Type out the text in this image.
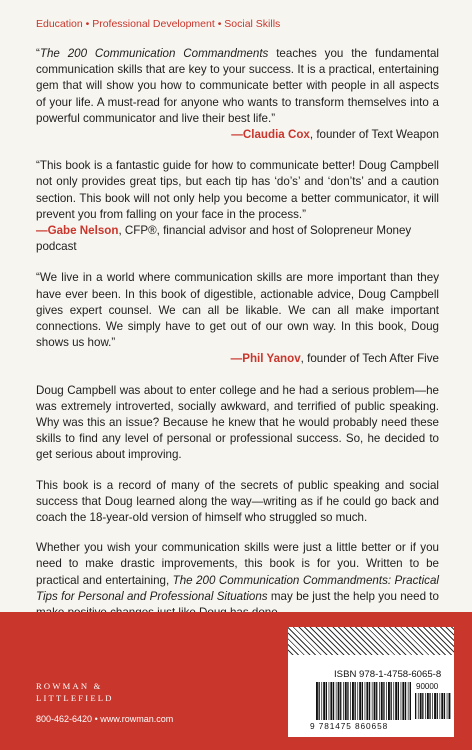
Education • Professional Development • Social Skills
“The 200 Communication Commandments teaches you the fundamental communication skills that are key to your success. It is a practical, entertaining gem that will show you how to communicate better with people in all aspects of your life. A must-read for anyone who wants to transform themselves into a powerful communicator and live their best life.”
—Claudia Cox, founder of Text Weapon
“This book is a fantastic guide for how to communicate better! Doug Campbell not only provides great tips, but each tip has ‘do’s’ and ‘don’ts’ and a caution section. This book will not only help you become a better communicator, it will prevent you from falling on your face in the process.”
—Gabe Nelson, CFP®, financial advisor and host of Solopreneur Money podcast
“We live in a world where communication skills are more important than they have ever been. In this book of digestible, actionable advice, Doug Campbell gives expert counsel. We can all be likable. We can all make important connections. We simply have to get out of our own way. In this book, Doug shows us how.”
—Phil Yanov, founder of Tech After Five
Doug Campbell was about to enter college and he had a serious problem—he was extremely introverted, socially awkward, and terrified of public speaking. Why was this an issue? Because he knew that he would probably need these skills to find any level of personal or professional success. So, he decided to get serious about improving.
This book is a record of many of the secrets of public speaking and social success that Doug learned along the way—writing as if he could go back and coach the 18-year-old version of himself who struggled so much.
Whether you wish your communication skills were just a little better or if you need to make drastic improvements, this book is for you. Written to be practical and entertaining, The 200 Communication Commandments: Practical Tips for Personal and Professional Situations may be just the help you need to
ROWMAN &
LITTLEFIELD
800-462-6420 • www.rowman.com
ISBN 978-1-4758-6065-8
90000
9 781475 860658
